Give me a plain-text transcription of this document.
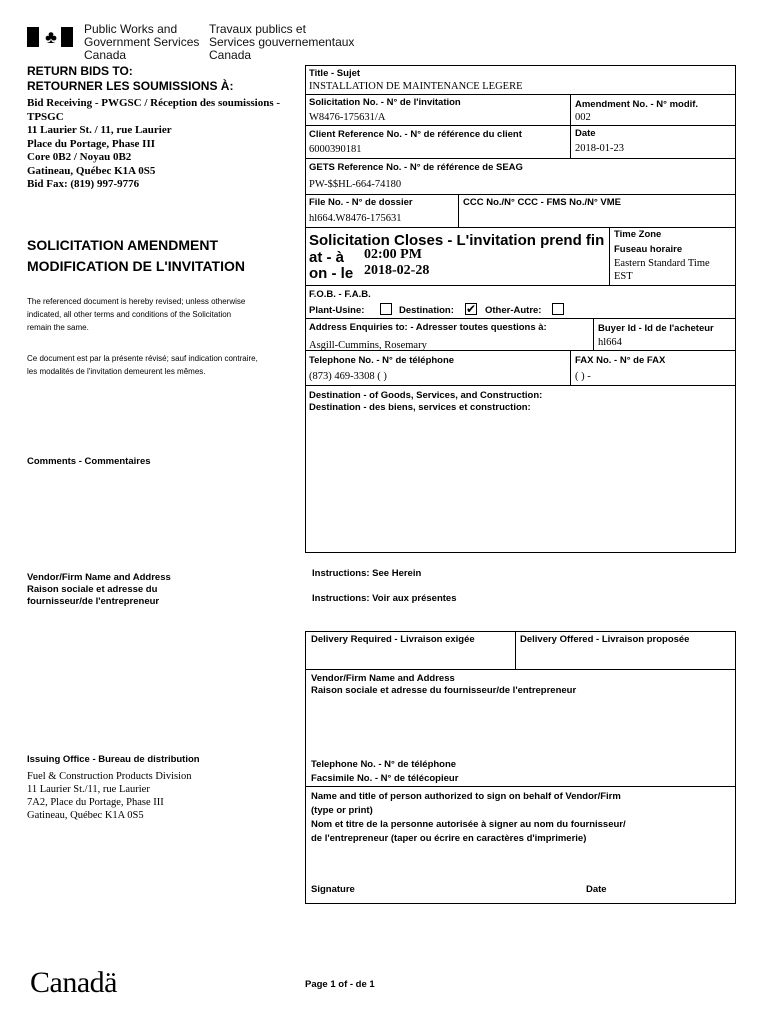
♣ Public Works and
Government Services
Canada
Travaux publics et
Services gouvernementaux
Canada
RETURN BIDS TO:
RETOURNER LES SOUMISSIONS À:
Bid Receiving - PWGSC / Réception des soumissions -
TPSGC
11 Laurier St. / 11, rue Laurier
Place du Portage, Phase III
Core 0B2 / Noyau 0B2
Gatineau, Québec K1A 0S5
Bid Fax: (819) 997-9776
SOLICITATION AMENDMENT
MODIFICATION DE L'INVITATION
The referenced document is hereby revised; unless otherwise
indicated, all other terms and conditions of the Solicitation
remain the same.
Ce document est par la présente révisé; sauf indication contraire,
les modalités de l'invitation demeurent les mêmes.
Comments - Commentaires
Vendor/Firm Name and Address
Raison sociale et adresse du
fournisseur/de l'entrepreneur
Issuing Office - Bureau de distribution
Fuel & Construction Products Division
11 Laurier St./11, rue Laurier
7A2, Place du Portage, Phase III
Gatineau, Québec K1A 0S5
Title - Sujet
INSTALLATION DE MAINTENANCE LEGERE
Solicitation No. - N° de l'invitation
W8476-175631/A
Amendment No. - N° modif.
002
Client Reference No. - N° de référence du client
6000390181
Date
2018-01-23
GETS Reference No. - N° de référence de SEAG
PW-$$HL-664-74180
File No. - N° de dossier
hl664.W8476-175631
CCC No./N° CCC - FMS No./N° VME
Solicitation Closes - L'invitation prend fin
at - à 02:00 PM
on - le 2018-02-28
Time Zone
Fuseau horaire
Eastern Standard Time
EST
F.O.B. - F.A.B.
Plant-Usine:	Destination: ✔ Other-Autre:
Address Enquiries to: - Adresser toutes questions à:
Asgill-Cummins, Rosemary
Buyer Id - Id de l'acheteur
hl664
Telephone No. - N° de téléphone
(873) 469-3308 ( )
FAX No. - N° de FAX
( ) -
Destination - of Goods, Services, and Construction:
Destination - des biens, services et construction:
Instructions: See Herein
Instructions: Voir aux présentes
Delivery Required - Livraison exigée	Delivery Offered - Livraison proposée
Vendor/Firm Name and Address
Raison sociale et adresse du fournisseur/de l'entrepreneur
Telephone No. - N° de téléphone
Facsimile No. - N° de télécopieur
Name and title of person authorized to sign on behalf of Vendor/Firm
(type or print)
Nom et titre de la personne autorisée à signer au nom du fournisseur/
de l'entrepreneur (taper ou écrire en caractères d'imprimerie)
Signature	Date
Canadä	Page 1 of - de 1
